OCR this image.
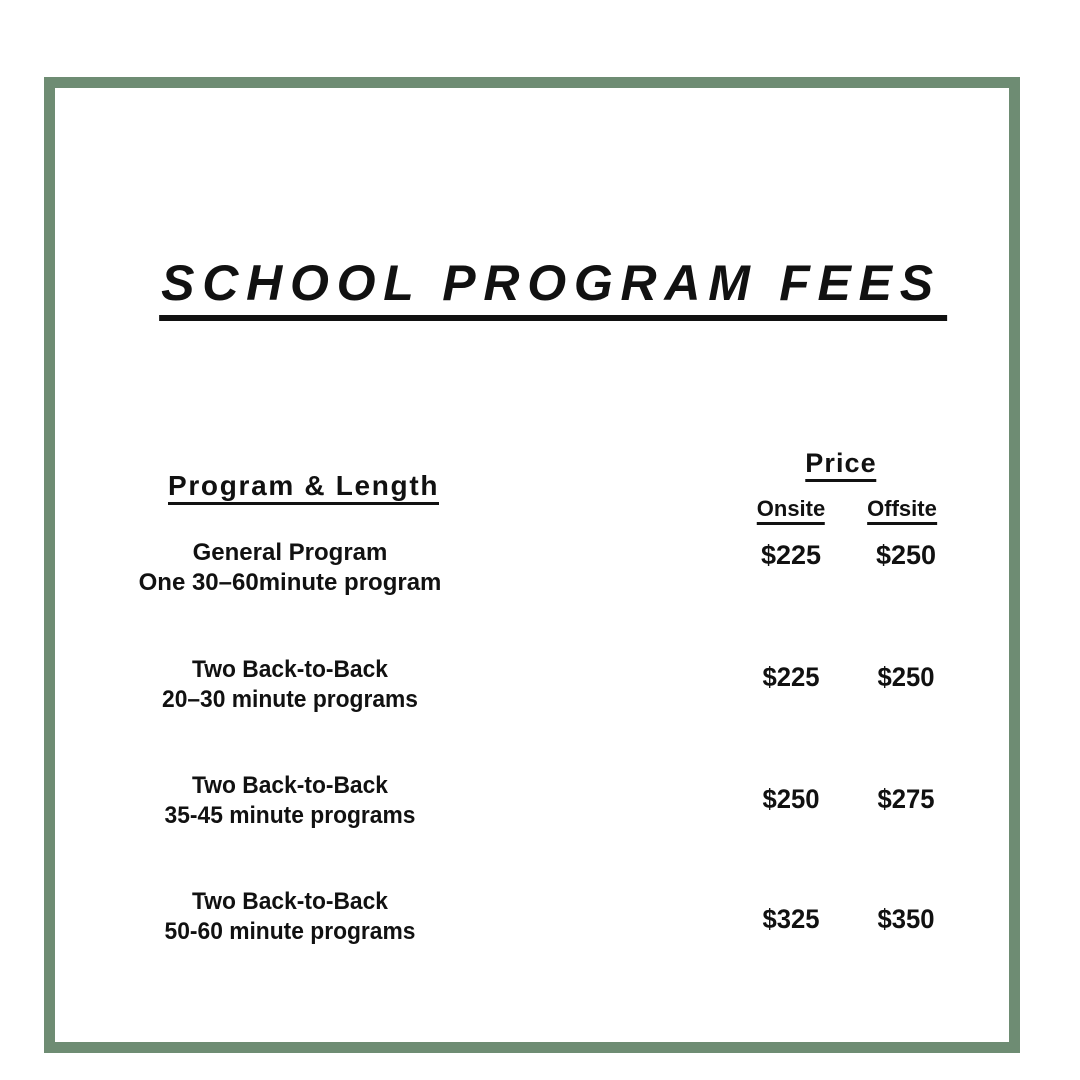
SCHOOL PROGRAM FEES
Program & Length
Price
Onsite Offsite
General Program
One 30–60minute program
$225	$250
Two Back-to-Back
20–30 minute programs
$225	$250
Two Back-to-Back
35-45 minute programs
$250	$275
Two Back-to-Back
50-60 minute programs	$325	$350
